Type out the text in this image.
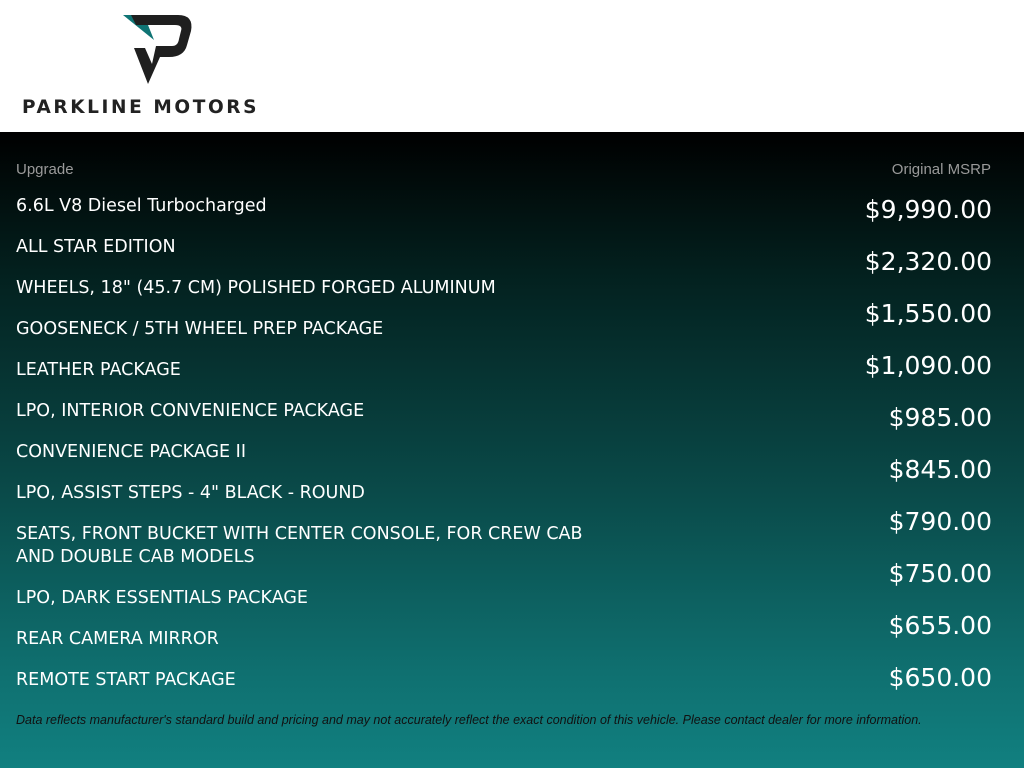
PARKLINE MOTORS
Upgrade	Original MSRP
6.6L V8 Diesel Turbocharged
ALL STAR EDITION
WHEELS, 18" (45.7 CM) POLISHED FORGED ALUMINUM
GOOSENECK / 5TH WHEEL PREP PACKAGE
LEATHER PACKAGE
LPO, INTERIOR CONVENIENCE PACKAGE
CONVENIENCE PACKAGE II
LPO, ASSIST STEPS - 4" BLACK - ROUND
SEATS, FRONT BUCKET WITH CENTER CONSOLE, FOR CREW CAB AND DOUBLE CAB MODELS
LPO, DARK ESSENTIALS PACKAGE
REAR CAMERA MIRROR
REMOTE START PACKAGE
$9,990.00
$2,320.00
$1,550.00
$1,090.00
$985.00
$845.00
$790.00
$750.00
$655.00
$650.00
Data reflects manufacturer's standard build and pricing and may not accurately reflect the exact condition of this vehicle. Please contact dealer for more information.
